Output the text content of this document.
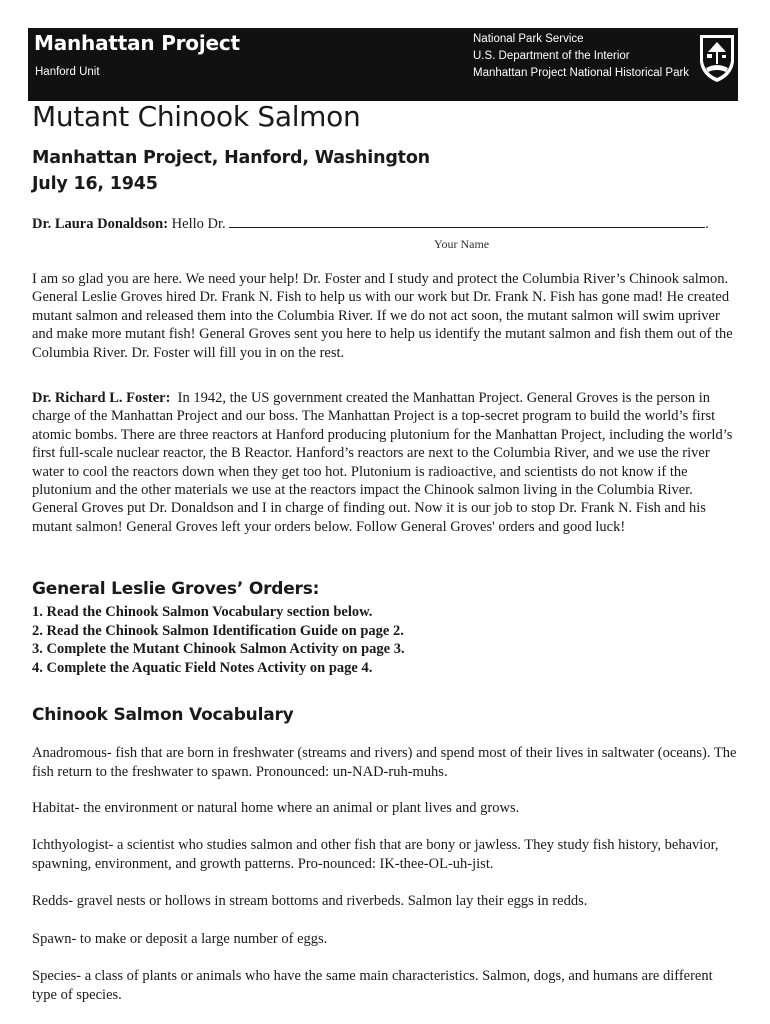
Manhattan Project
Hanford Unit
National Park Service
U.S. Department of the Interior
Manhattan Project National Historical Park
Mutant Chinook Salmon
Manhattan Project, Hanford, Washington
July 16, 1945
Dr. Laura Donaldson: Hello Dr.	.
Your Name

I am so glad you are here. We need your help! Dr. Foster and I study and protect the Columbia River’s Chinook salmon. General Leslie Groves hired Dr. Frank N. Fish to help us with our work but Dr. Frank N. Fish has gone mad! He created mutant salmon and released them into the Columbia River. If we do not act soon, the mutant salmon will swim upriver and make more mutant fish! General Groves sent you here to help us identify the mutant salmon and fish them out of the Columbia River. Dr. Foster will fill you in on the rest.

Dr. Richard L. Foster: In 1942, the US government created the Manhattan Project. General Groves is the person in charge of the Manhattan Project and our boss. The Manhattan Project is a top-secret program to build the world’s first atomic bombs. There are three reactors at Hanford producing plutonium for the Manhattan Project, including the world’s first full-scale nuclear reactor, the B Reactor. Hanford’s reactors are next to the Columbia River, and we use the river water to cool the reactors down when they get too hot. Plutonium is radioactive, and scientists do not know if the plutonium and the other materials we use at the reactors impact the Chinook salmon living in the Columbia River. General Groves put Dr. Donaldson and I in charge of finding out. Now it is our job to stop Dr. Frank N. Fish and his mutant salmon! General Groves left your orders below. Follow General Groves' orders and good luck!

General Leslie Groves’ Orders:
1. Read the Chinook Salmon Vocabulary section below.
2. Read the Chinook Salmon Identification Guide on page 2.
3. Complete the Mutant Chinook Salmon Activity on page 3.
4. Complete the Aquatic Field Notes Activity on page 4.
Chinook Salmon Vocabulary

Anadromous- fish that are born in freshwater (streams and rivers) and spend most of their lives in saltwater (oceans). The fish return to the freshwater to spawn. Pronounced: un-NAD-ruh-muhs.

Habitat- the environment or natural home where an animal or plant lives and grows.

Ichthyologist- a scientist who studies salmon and other fish that are bony or jawless. They study fish history, behavior, spawning, environment, and growth patterns. Pro-nounced: IK-thee-OL-uh-jist.

Redds- gravel nests or hollows in stream bottoms and riverbeds. Salmon lay their eggs in redds.

Spawn- to make or deposit a large number of eggs.

Species- a class of plants or animals who have the same main characteristics. Salmon, dogs, and humans are different type of species.
